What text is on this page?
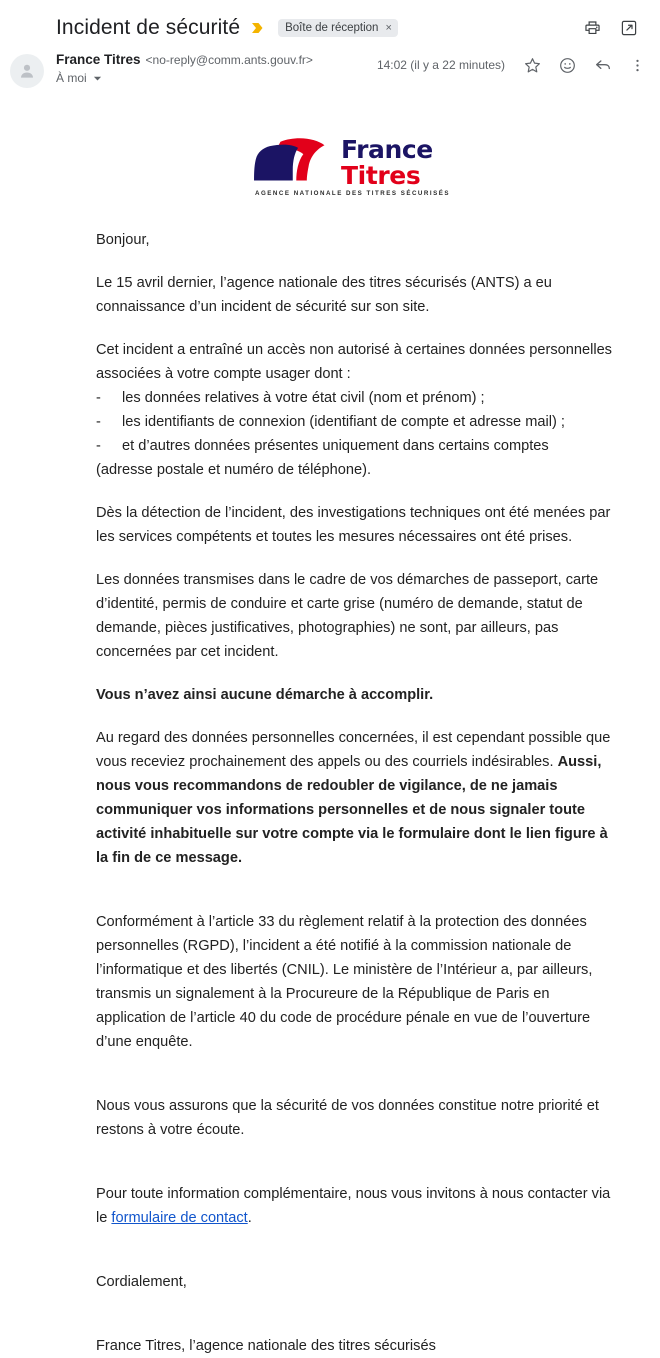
Incident de sécurité	Boîte de réception ×
France Titres <no-reply@comm.ants.gouv.fr>
À moi
14:02 (il y a 22 minutes)
France
Titres
AGENCE NATIONALE DES TITRES SÉCURISÉS

Bonjour,

Le 15 avril dernier, l’agence nationale des titres sécurisés (ANTS) a eu connaissance d’un incident de sécurité sur son site.

Cet incident a entraîné un accès non autorisé à certaines données personnelles associées à votre compte usager dont :

-	les données relatives à votre état civil (nom et prénom) ;
-	les identifiants de connexion (identifiant de compte et adresse mail) ;
-	et d’autres données présentes uniquement dans certains comptes

(adresse postale et numéro de téléphone).

Dès la détection de l’incident, des investigations techniques ont été menées par les services compétents et toutes les mesures nécessaires ont été prises.

Les données transmises dans le cadre de vos démarches de passeport, carte d’identité, permis de conduire et carte grise (numéro de demande, statut de demande, pièces justificatives, photographies) ne sont, par ailleurs, pas concernées par cet incident.

Vous n’avez ainsi aucune démarche à accomplir.

Au regard des données personnelles concernées, il est cependant possible que vous receviez prochainement des appels ou des courriels indésirables. Aussi, nous vous recommandons de redoubler de vigilance, de ne jamais communiquer vos informations personnelles et de nous signaler toute activité inhabituelle sur votre compte via le formulaire dont le lien figure à la fin de ce message.

Conformément à l’article 33 du règlement relatif à la protection des données personnelles (RGPD), l’incident a été notifié à la commission nationale de l’informatique et des libertés (CNIL). Le ministère de l’Intérieur a, par ailleurs, transmis un signalement à la Procureure de la République de Paris en application de l’article 40 du code de procédure pénale en vue de l’ouverture d’une enquête.

Nous vous assurons que la sécurité de vos données constitue notre priorité et restons à votre écoute.

Pour toute information complémentaire, nous vous invitons à nous contacter via le formulaire de contact.

Cordialement,

France Titres, l’agence nationale des titres sécurisés
